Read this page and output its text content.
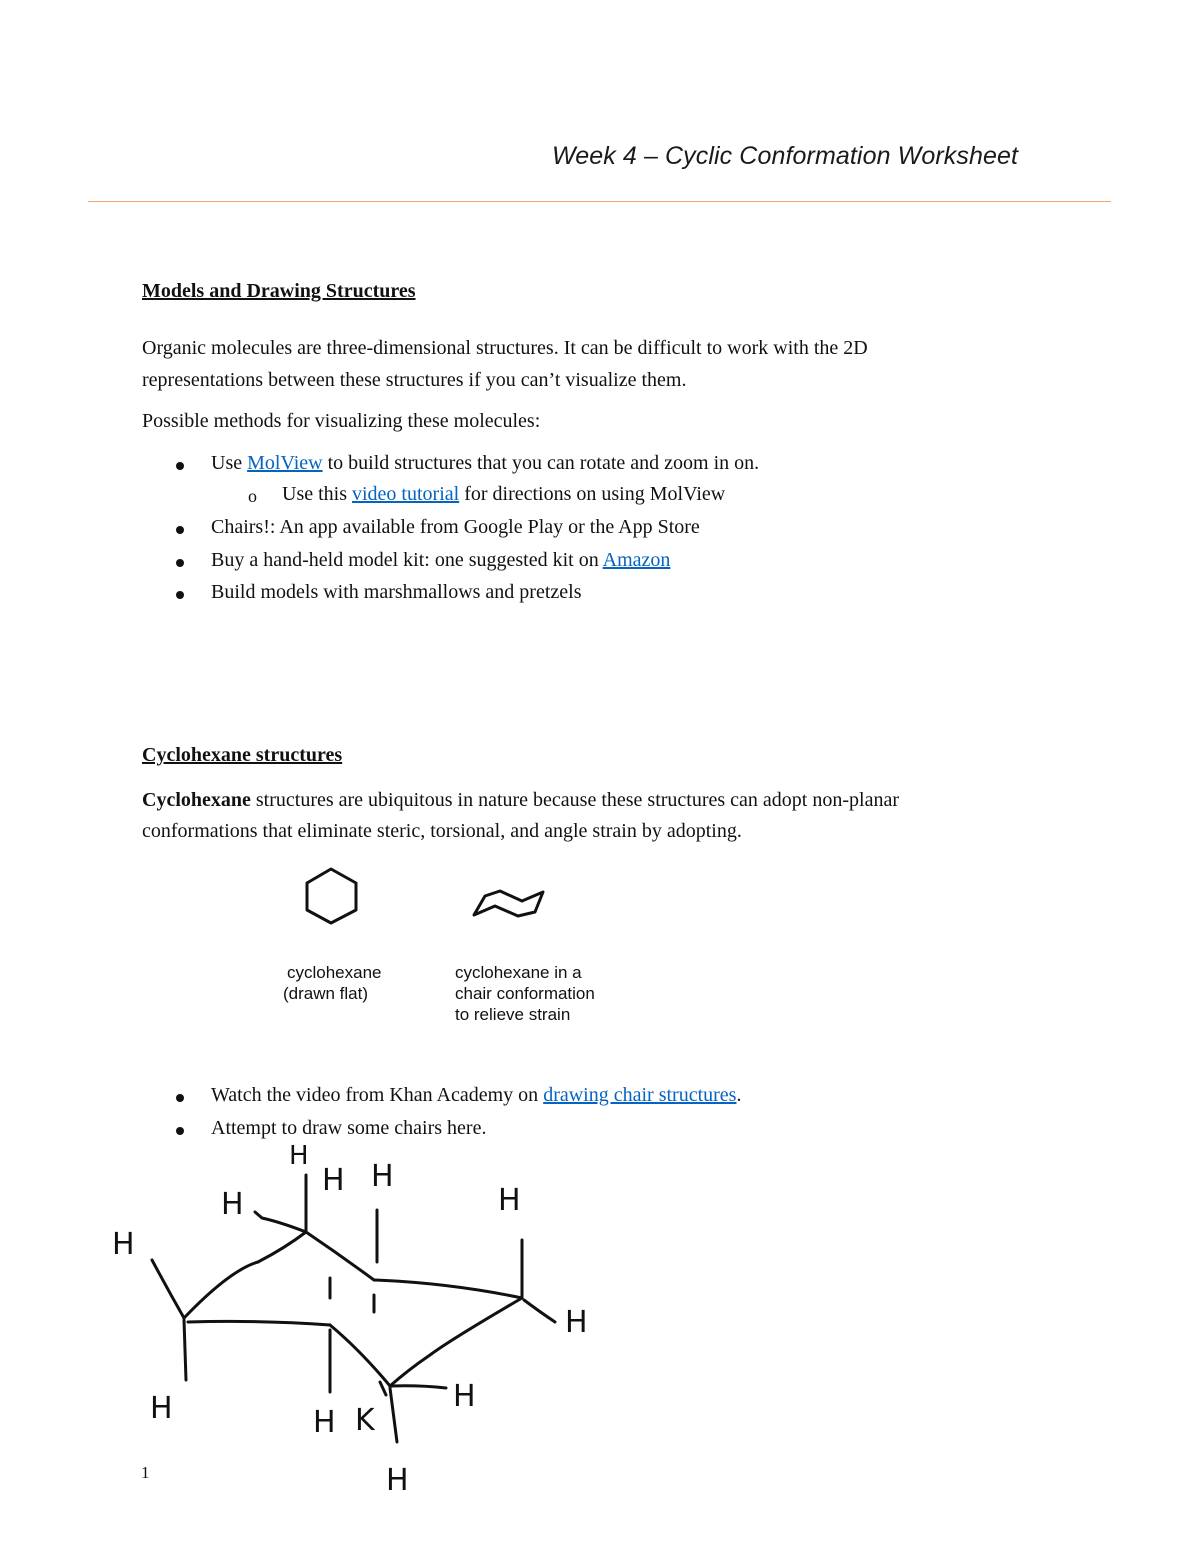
Week 4 – Cyclic Conformation Worksheet
Models and Drawing Structures
Organic molecules are three-dimensional structures. It can be difficult to work with the 2D
representations between these structures if you can’t visualize them.
Possible methods for visualizing these molecules:
Use MolView to build structures that you can rotate and zoom in on.
o Use this video tutorial for directions on using MolView
Chairs!: An app available from Google Play or the App Store
Buy a hand-held model kit: one suggested kit on Amazon
Build models with marshmallows and pretzels
Cyclohexane structures
Cyclohexane structures are ubiquitous in nature because these structures can adopt non-planar
conformations that eliminate steric, torsional, and angle strain by adopting.
cyclohexane
(drawn flat)
cyclohexane in a
chair conformation
to relieve strain
Watch the video from Khan Academy on drawing chair structures.
Attempt to draw some chairs here.
H
H
H
H H
H
H
H	H K
H
H
1
